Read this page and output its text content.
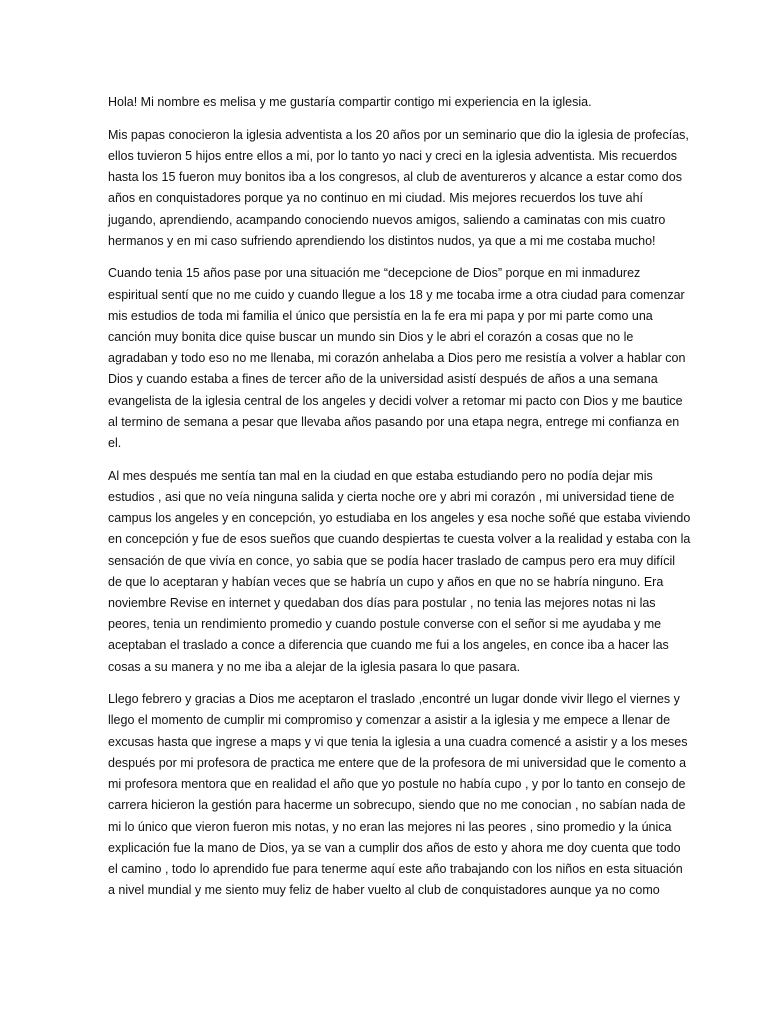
Hola! Mi nombre es melisa y me gustaría compartir contigo mi experiencia en la iglesia.

Mis papas conocieron la iglesia adventista a los 20 años por un seminario que dio la iglesia de profecías, ellos tuvieron 5 hijos entre ellos a mi, por lo tanto yo naci y creci en la iglesia adventista. Mis recuerdos hasta los 15 fueron muy bonitos iba a los congresos, al club de aventureros y alcance a estar como dos años en conquistadores porque ya no continuo en mi ciudad. Mis mejores recuerdos los tuve ahí jugando, aprendiendo, acampando conociendo nuevos amigos, saliendo a caminatas con mis cuatro hermanos y en mi caso sufriendo aprendiendo los distintos nudos, ya que a mi me costaba mucho!

Cuando tenia 15 años pase por una situación me “decepcione de Dios” porque en mi inmadurez espiritual sentí que no me cuido y cuando llegue a los 18 y me tocaba irme a otra ciudad para comenzar mis estudios de toda mi familia el único que persistía en la fe era mi papa y por mi parte como una canción muy bonita dice quise buscar un mundo sin Dios y le abri el corazón a cosas que no le agradaban y todo eso no me llenaba, mi corazón anhelaba a Dios pero me resistía a volver a hablar con Dios y cuando estaba a fines de tercer año de la universidad asistí después de años a una semana evangelista de la iglesia central de los angeles y decidi volver a retomar mi pacto con Dios y me bautice al termino de semana a pesar que llevaba años pasando por una etapa negra, entrege mi confianza en el.

Al mes después me sentía tan mal en la ciudad en que estaba estudiando pero no podía dejar mis estudios , asi que no veía ninguna salida y cierta noche ore y abri mi corazón , mi universidad tiene de campus los angeles y en concepción, yo estudiaba en los angeles y esa noche soñé que estaba viviendo en concepción y fue de esos sueños que cuando despiertas te cuesta volver a la realidad y estaba con la sensación de que vivía en conce, yo sabia que se podía hacer traslado de campus pero era muy difícil de que lo aceptaran y habían veces que se habría un cupo y años en que no se habría ninguno. Era noviembre Revise en internet y quedaban dos días para postular , no tenia las mejores notas ni las peores, tenia un rendimiento promedio y cuando postule converse con el señor si me ayudaba y me aceptaban el traslado a conce a diferencia que cuando me fui a los angeles, en conce iba a hacer las cosas a su manera y no me iba a alejar de la iglesia pasara lo que pasara.

Llego febrero y gracias a Dios me aceptaron el traslado ,encontré un lugar donde vivir llego el viernes y llego el momento de cumplir mi compromiso y comenzar a asistir a la iglesia y me empece a llenar de excusas hasta que ingrese a maps y vi que tenia la iglesia a una cuadra comencé a asistir y a los meses después por mi profesora de practica me entere que de la profesora de mi universidad que le comento a mi profesora mentora que en realidad el año que yo postule no había cupo , y por lo tanto en consejo de carrera hicieron la gestión para hacerme un sobrecupo, siendo que no me conocian , no sabían nada de mi lo único que vieron fueron mis notas, y no eran las mejores ni las peores , sino promedio y la única explicación fue la mano de Dios, ya se van a cumplir dos años de esto y ahora me doy cuenta que todo el camino , todo lo aprendido fue para tenerme aquí este año trabajando con los niños en esta situación a nivel mundial y me siento muy feliz de haber vuelto al club de conquistadores aunque ya no como
